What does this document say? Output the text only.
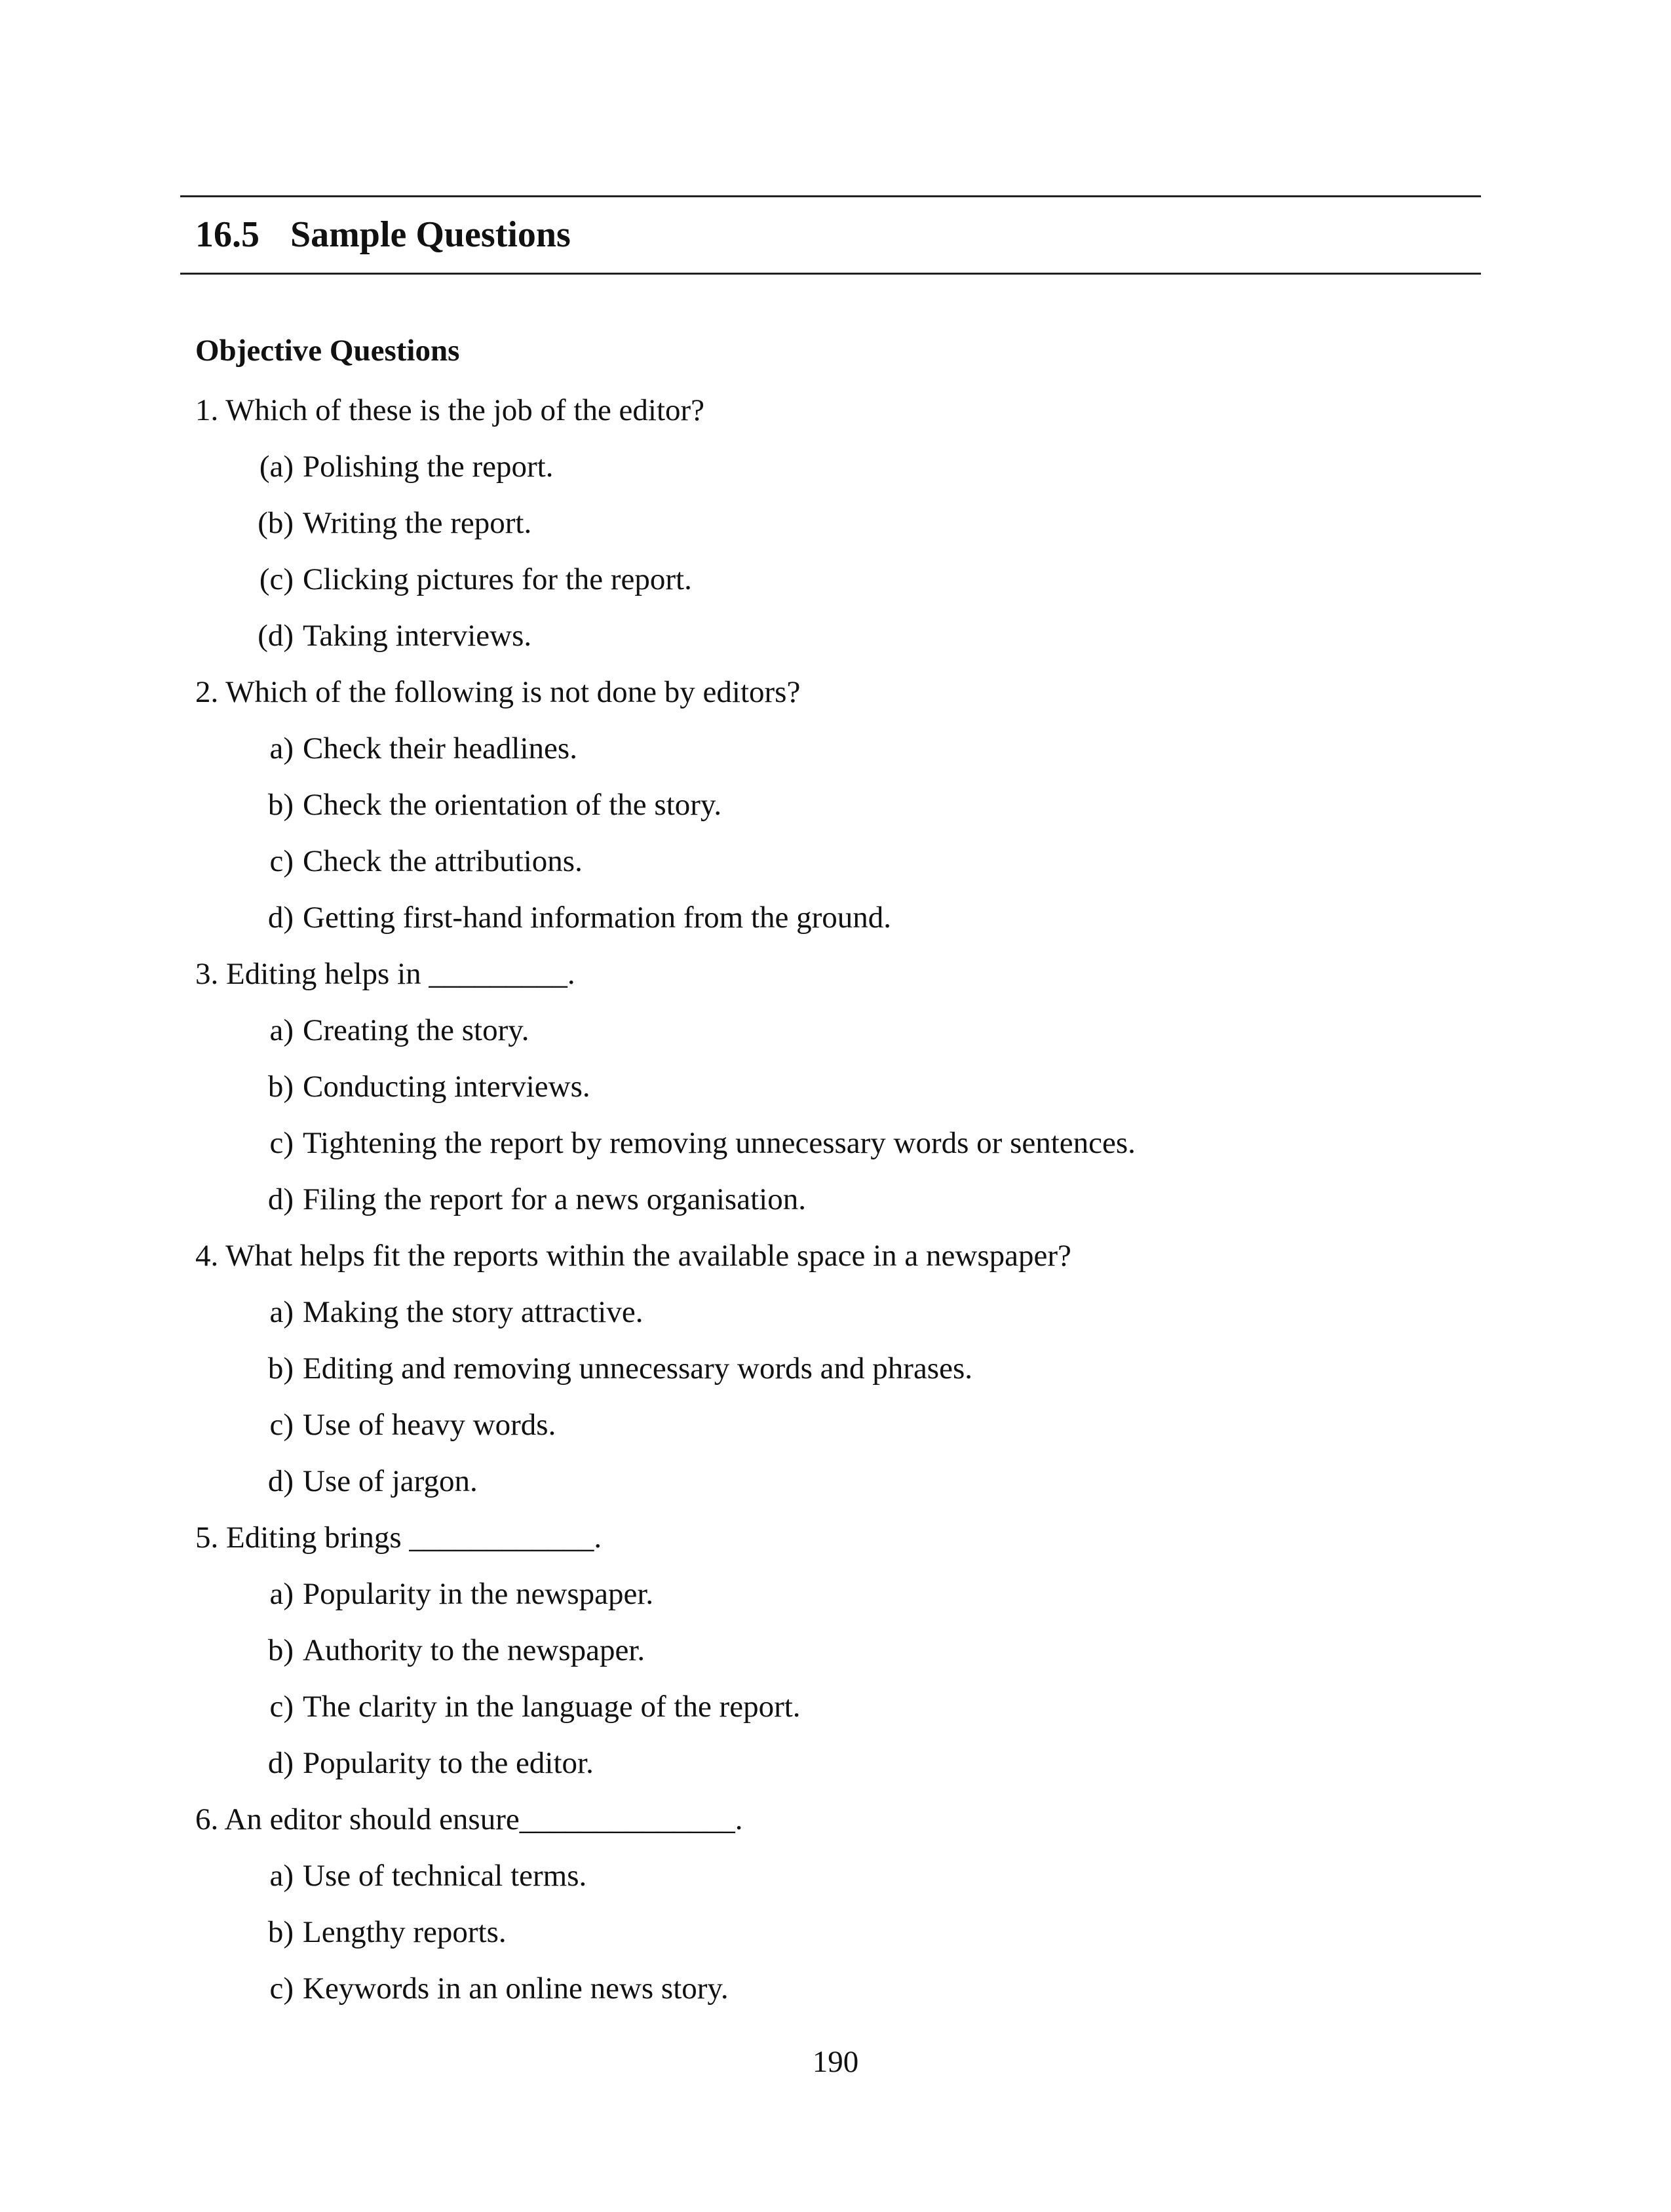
16.5 Sample Questions
Objective Questions
1. Which of these is the job of the editor?
(a) Polishing the report.
(b) Writing the report.
(c) Clicking pictures for the report.
(d) Taking interviews.
2. Which of the following is not done by editors?
a) Check their headlines.
b) Check the orientation of the story.
c) Check the attributions.
d) Getting first-hand information from the ground.
3. Editing helps in _________.
a) Creating the story.
b) Conducting interviews.
c) Tightening the report by removing unnecessary words or sentences.
d) Filing the report for a news organisation.
4. What helps fit the reports within the available space in a newspaper?
a) Making the story attractive.
b) Editing and removing unnecessary words and phrases.
c) Use of heavy words.
d) Use of jargon.
5. Editing brings ____________.
a) Popularity in the newspaper.
b) Authority to the newspaper.
c) The clarity in the language of the report.
d) Popularity to the editor.
6. An editor should ensure______________.
a) Use of technical terms.
b) Lengthy reports.
c) Keywords in an online news story.
190
